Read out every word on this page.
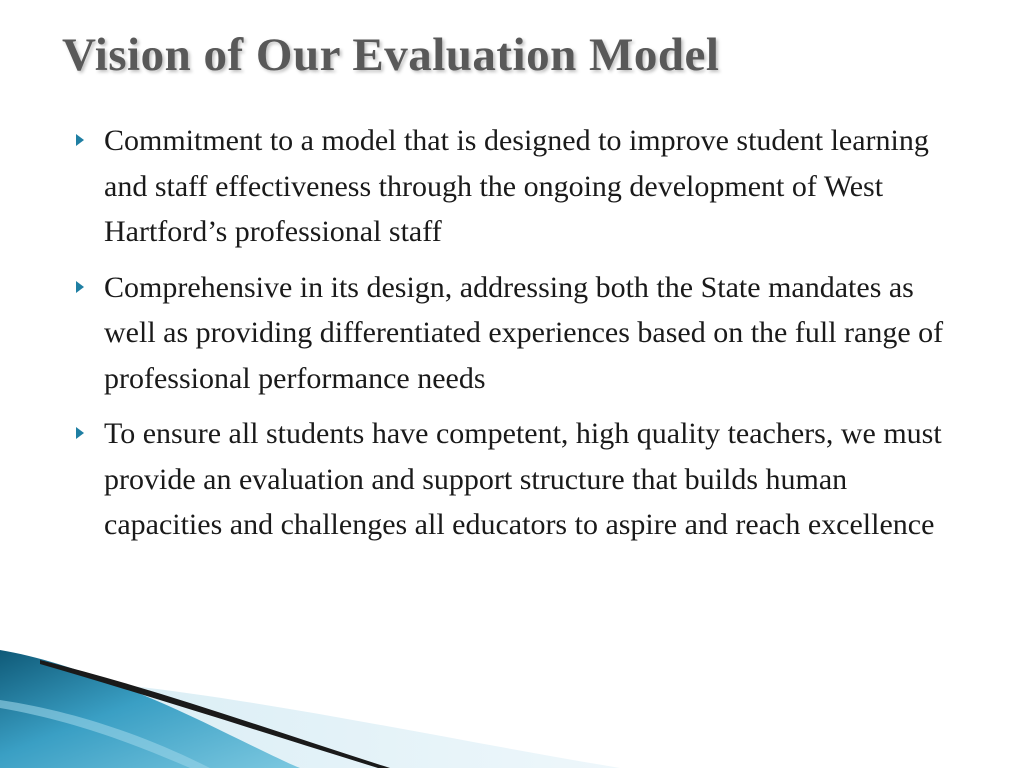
Vision of Our Evaluation Model
Commitment to a model that is designed to improve student learning and staff effectiveness through the ongoing development of West Hartford’s professional staff
Comprehensive in its design, addressing both the State mandates as well as providing differentiated experiences based on the full range of professional performance needs
To ensure all students have competent, high quality teachers, we must provide an evaluation and support structure that builds human capacities and challenges all educators to aspire and reach excellence
